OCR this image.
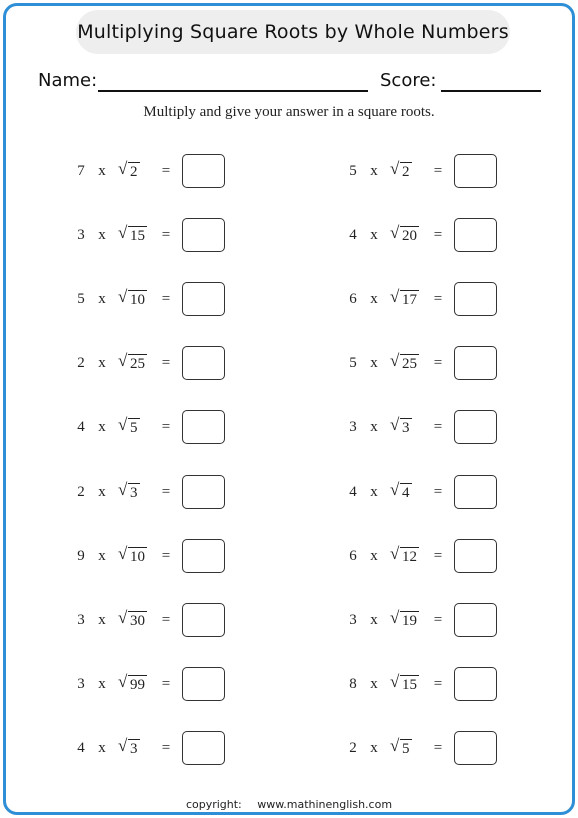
Multiplying Square Roots by Whole Numbers
Name:	Score:
Multiply and give your answer in a square roots.
7 x √ 2 =
3 x √ 15 =
5 x √ 10 =
2 x √ 25 =
4 x √ 5 =
2 x √ 3 =
9 x √ 10 =
3 x √ 30 =
3 x √ 99 =
4 x √ 3 =
5 x √ 2 =
4 x √ 20 =
6 x √ 17 =
5 x √ 25 =
3 x √ 3 =
4 x √ 4 =
6 x √ 12 =
3 x √ 19 =
8 x √ 15 =
2 x √ 5 =
copyright: www.mathinenglish.com
